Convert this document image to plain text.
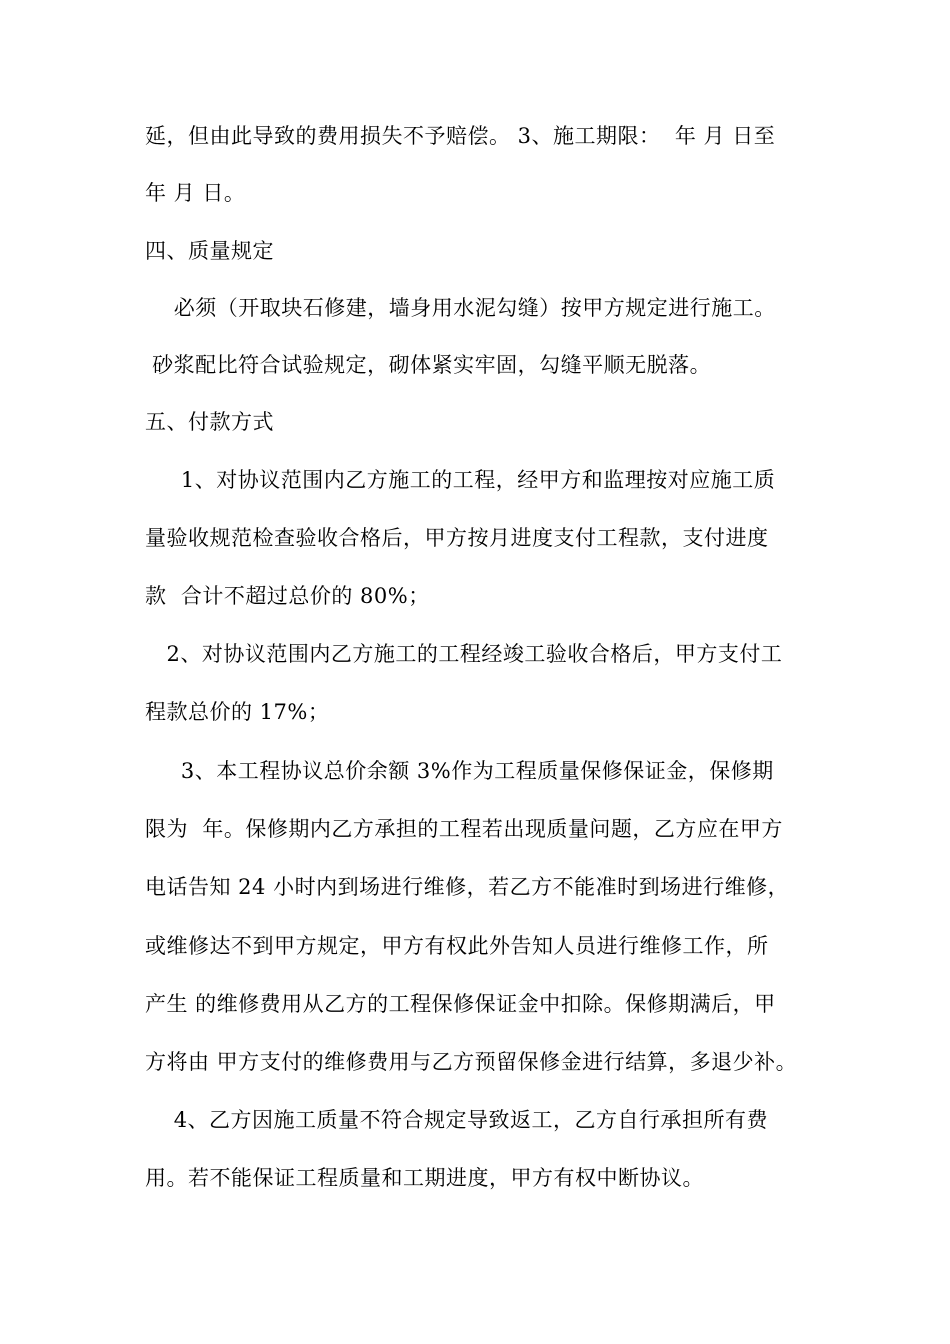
延，但由此导致的费用损失不予赔偿。 3、施工期限：  年 月 日至
年 月 日。
四、质量规定
必须（开取块石修建，墙身用水泥勾缝）按甲方规定进行施工。
砂浆配比符合试验规定，砌体紧实牢固，勾缝平顺无脱落。
五、付款方式
1、对协议范围内乙方施工的工程，经甲方和监理按对应施工质
量验收规范检查验收合格后，甲方按月进度支付工程款，支付进度
款  合计不超过总价的 80%；
2、对协议范围内乙方施工的工程经竣工验收合格后，甲方支付工
程款总价的 17%；
3、本工程协议总价余额 3%作为工程质量保修保证金，保修期
限为  年。保修期内乙方承担的工程若出现质量问题，乙方应在甲方
电话告知 24 小时内到场进行维修，若乙方不能准时到场进行维修，
或维修达不到甲方规定，甲方有权此外告知人员进行维修工作，所
产生 的维修费用从乙方的工程保修保证金中扣除。保修期满后，甲
方将由 甲方支付的维修费用与乙方预留保修金进行结算，多退少补。
4、乙方因施工质量不符合规定导致返工，乙方自行承担所有费
用。若不能保证工程质量和工期进度，甲方有权中断协议。
